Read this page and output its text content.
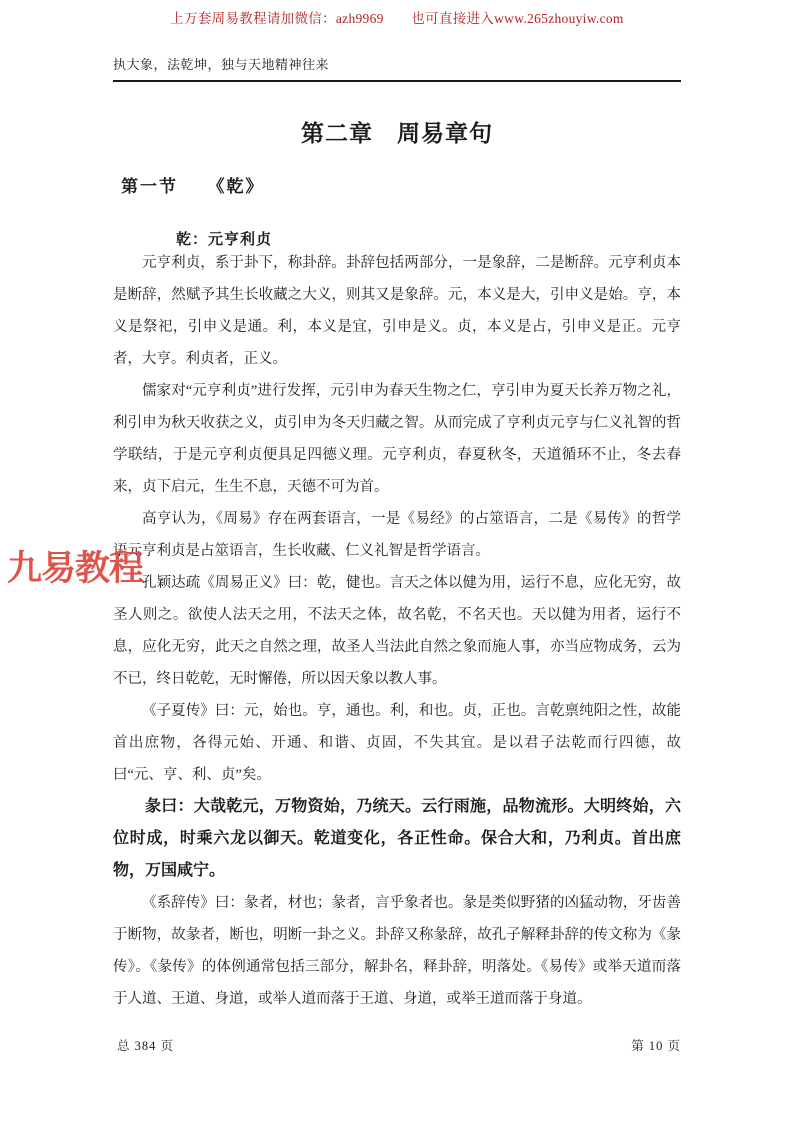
上万套周易教程请加微信：azh9969　　也可直接进入www.265zhouyiw.com
执大象，法乾坤，独与天地精神往来
第二章　周易章句
第一节　　《乾》
乾：元亨利贞

元亨利贞，系于卦下，称卦辞。卦辞包括两部分，一是象辞，二是断辞。元亨利贞本是断辞，然赋予其生长收藏之大义，则其又是象辞。元，本义是大，引申义是始。亨，本义是祭祀，引申义是通。利，本义是宜，引申是义。贞，本义是占，引申义是正。元亨者，大亨。利贞者，正义。

儒家对“元亨利贞”进行发挥，元引申为春天生物之仁，亨引申为夏天长养万物之礼，利引申为秋天收获之义，贞引申为冬天归藏之智。从而完成了亨利贞元亨与仁义礼智的哲学联结，于是元亨利贞便具足四德义理。元亨利贞，春夏秋冬，天道循环不止，冬去春来，贞下启元，生生不息，天德不可为首。

高亨认为，《周易》存在两套语言，一是《易经》的占筮语言，二是《易传》的哲学语元亨利贞是占筮语言，生长收藏、仁义礼智是哲学语言。

孔颖达疏《周易正义》曰：乾，健也。言天之体以健为用，运行不息，应化无穷，故圣人则之。欲使人法天之用，不法天之体，故名乾，不名天也。天以健为用者，运行不息，应化无穷，此天之自然之理，故圣人当法此自然之象而施人事，亦当应物成务，云为不已，终日乾乾，无时懈倦，所以因天象以教人事。

《子夏传》曰：元，始也。亨，通也。利，和也。贞，正也。言乾禀纯阳之性，故能首出庶物，各得元始、开通、和谐、贞固，不失其宜。是以君子法乾而行四德，故曰“元、亨、利、贞”矣。

彖曰：大哉乾元，万物资始，乃统天。云行雨施，品物流形。大明终始，六位时成，时乘六龙以御天。乾道变化，各正性命。保合大和，乃利贞。首出庶物，万国咸宁。

《系辞传》曰：彖者，材也；彖者，言乎象者也。彖是类似野猪的凶猛动物，牙齿善于断物，故彖者，断也，明断一卦之义。卦辞又称彖辞，故孔子解释卦辞的传文称为《彖传》。《彖传》的体例通常包括三部分，解卦名，释卦辞，明落处。《易传》或举天道而落于人道、王道、身道，或举人道而落于王道、身道，或举王道而落于身道。

九易教程
总 384 页	第 10 页
